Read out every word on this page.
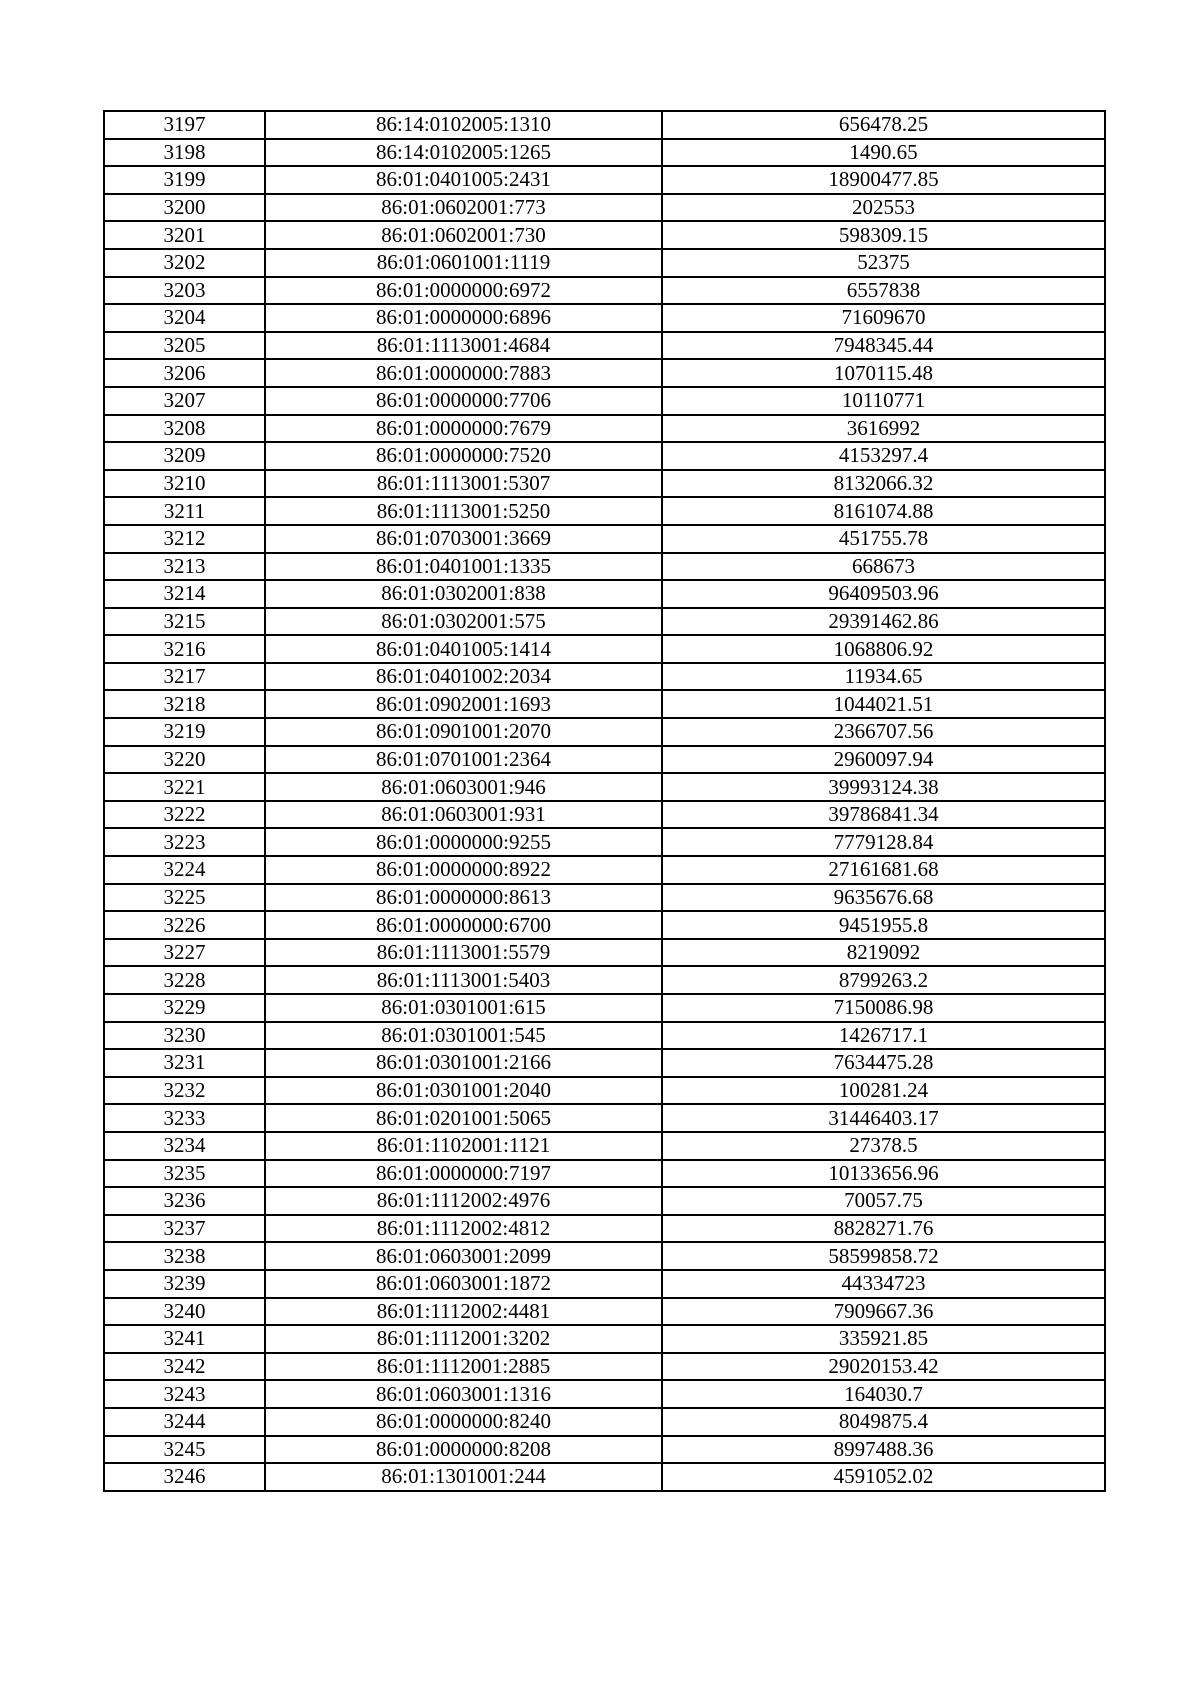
3197	86:14:0102005:1310	656478.25
3198	86:14:0102005:1265	1490.65
3199	86:01:0401005:2431	18900477.85
3200	86:01:0602001:773	202553
3201	86:01:0602001:730	598309.15
3202	86:01:0601001:1119	52375
3203	86:01:0000000:6972	6557838
3204	86:01:0000000:6896	71609670
3205	86:01:1113001:4684	7948345.44
3206	86:01:0000000:7883	1070115.48
3207	86:01:0000000:7706	10110771
3208	86:01:0000000:7679	3616992
3209	86:01:0000000:7520	4153297.4
3210	86:01:1113001:5307	8132066.32
3211	86:01:1113001:5250	8161074.88
3212	86:01:0703001:3669	451755.78
3213	86:01:0401001:1335	668673
3214	86:01:0302001:838	96409503.96
3215	86:01:0302001:575	29391462.86
3216	86:01:0401005:1414	1068806.92
3217	86:01:0401002:2034	11934.65
3218	86:01:0902001:1693	1044021.51
3219	86:01:0901001:2070	2366707.56
3220	86:01:0701001:2364	2960097.94
3221	86:01:0603001:946	39993124.38
3222	86:01:0603001:931	39786841.34
3223	86:01:0000000:9255	7779128.84
3224	86:01:0000000:8922	27161681.68
3225	86:01:0000000:8613	9635676.68
3226	86:01:0000000:6700	9451955.8
3227	86:01:1113001:5579	8219092
3228	86:01:1113001:5403	8799263.2
3229	86:01:0301001:615	7150086.98
3230	86:01:0301001:545	1426717.1
3231	86:01:0301001:2166	7634475.28
3232	86:01:0301001:2040	100281.24
3233	86:01:0201001:5065	31446403.17
3234	86:01:1102001:1121	27378.5
3235	86:01:0000000:7197	10133656.96
3236	86:01:1112002:4976	70057.75
3237	86:01:1112002:4812	8828271.76
3238	86:01:0603001:2099	58599858.72
3239	86:01:0603001:1872	44334723
3240	86:01:1112002:4481	7909667.36
3241	86:01:1112001:3202	335921.85
3242	86:01:1112001:2885	29020153.42
3243	86:01:0603001:1316	164030.7
3244	86:01:0000000:8240	8049875.4
3245	86:01:0000000:8208	8997488.36
3246	86:01:1301001:244	4591052.02
